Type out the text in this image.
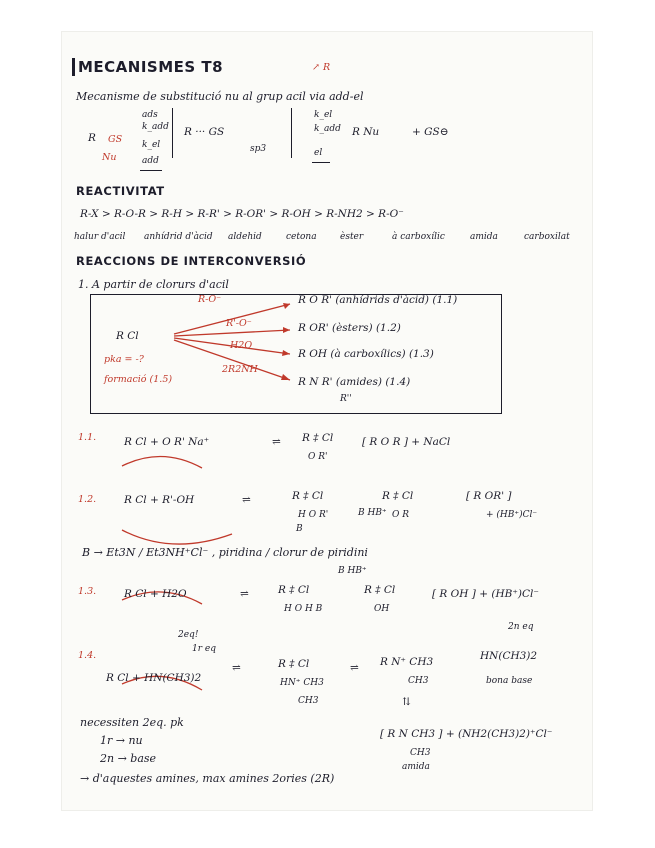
MECANISMES T8	↗ R
Mecanisme de substitució nu al grup acil via add-el
R GS
Nu
ads
k_add
k_el
add
R ··· GS
sp3
k_el
k_add
el
R Nu	+ GS⊖
REACTIVITAT
R-X > R-O-R > R-H > R-R' > R-OR' > R-OH > R-NH2 > R-O⁻
halur d'acil anhídrid d'àcid aldehid	cetona	èster	à carboxílic	amida	carboxilat
REACCIONS DE INTERCONVERSIÓ
1. A partir de clorurs d'acil
R Cl
pka = -?
formació (1.5)
R-O⁻
R'-O⁻
H2O
2R2NH
R O R' (anhídrids d'àcid) (1.1)
R OR' (èsters) (1.2)
R OH (à carboxílics) (1.3)
R N R' (amides) (1.4)
R''
1.1.	R Cl + O R' Na⁺	⇌ R ‡ Cl
O R'
[ R O R ] + NaCl
1.2.	R Cl + R'-OH	⇌	R ‡ Cl
H O R'
B
B HB⁺
R ‡ Cl
O R
[ R OR' ]
+ (HB⁺)Cl⁻
B → Et3N / Et3NH⁺Cl⁻ , piridina / clorur de piridini
1.3.	R Cl + H2O	⇌	R ‡ Cl
H O H B
B HB⁺
R ‡ Cl
OH
[ R OH ] + (HB⁺)Cl⁻
1.4.
2eq!
1r eq
R Cl + HN(CH3)2
⇌	R ‡ Cl
HN⁺ CH3
CH3
⇌ R N⁺ CH3
CH3
2n eq
HN(CH3)2
bona base
⇅
[ R N CH3 ] + (NH2(CH3)2)⁺Cl⁻
CH3
amida
necessiten 2eq. pk
1r → nu
2n → base
→ d'aquestes amines, max amines 2ories (2R)
